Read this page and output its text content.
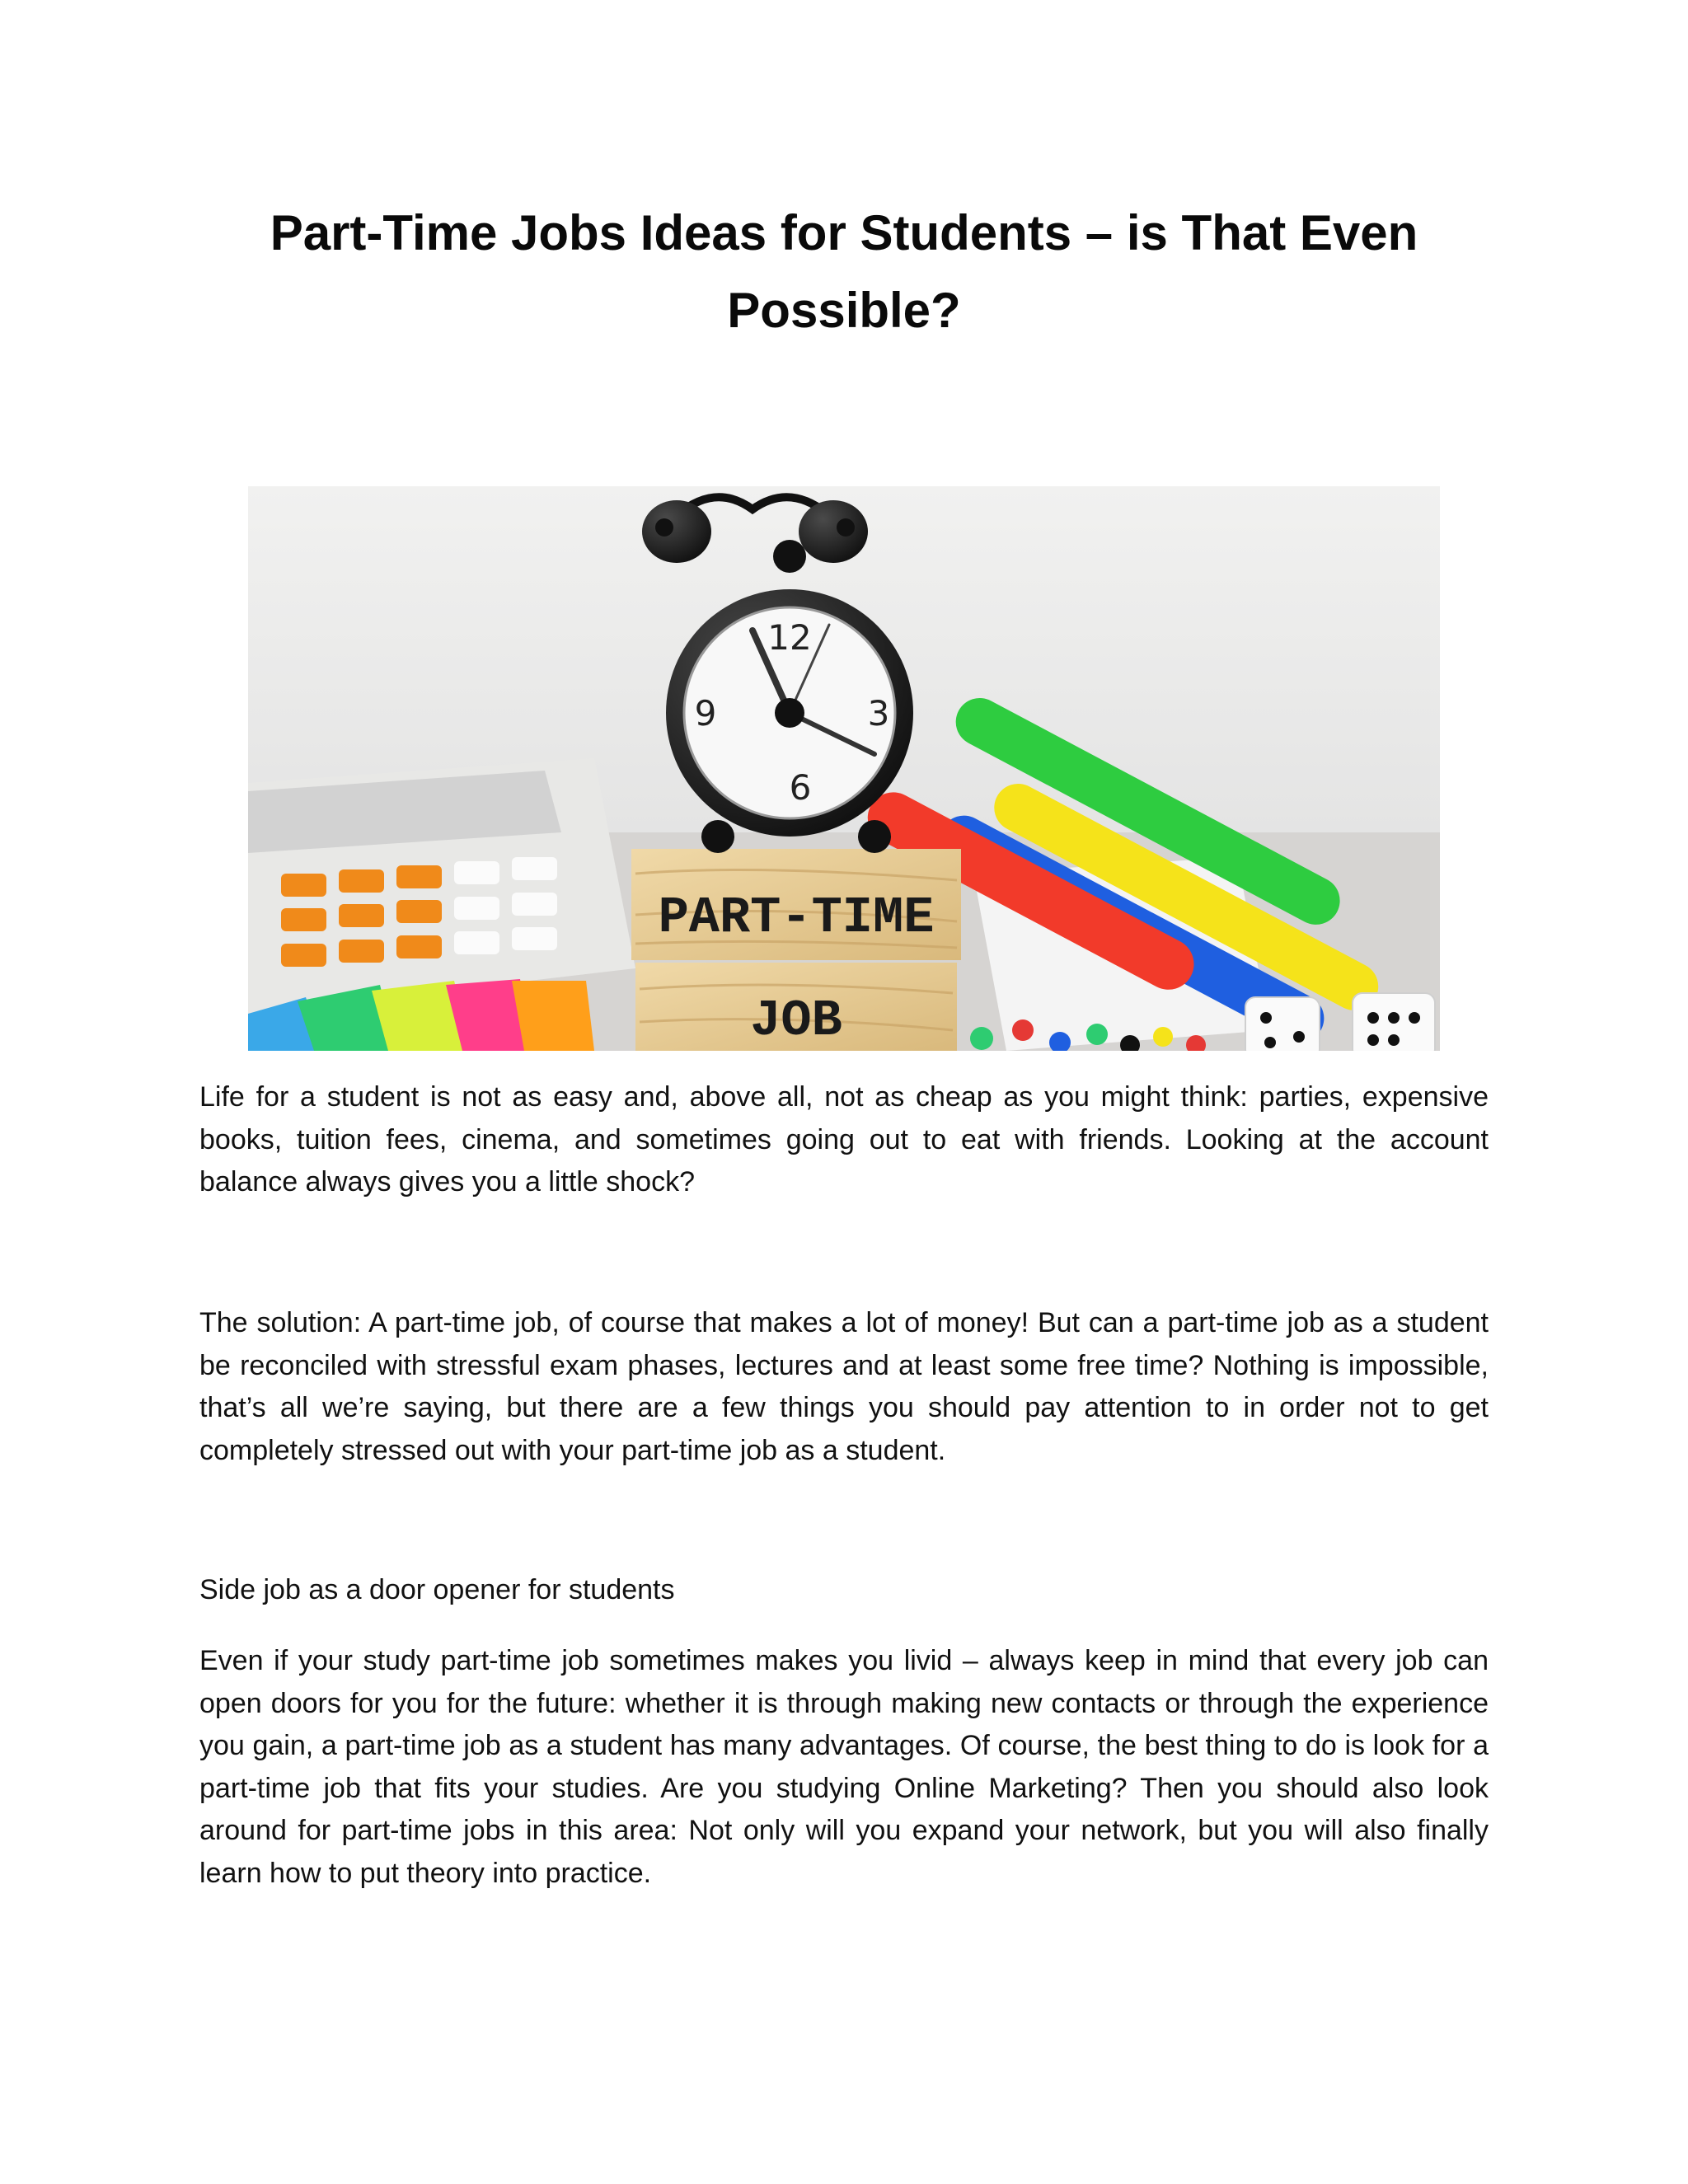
Part-Time Jobs Ideas for Students – is That Even Possible?
PART-TIME
JOB
12
3
6
9

Life for a student is not as easy and, above all, not as cheap as you might think: parties, expensive books, tuition fees, cinema, and sometimes going out to eat with friends. Looking at the account balance always gives you a little shock?

The solution: A part-time job, of course that makes a lot of money! But can a part-time job as a student be reconciled with stressful exam phases, lectures and at least some free time? Nothing is impossible, that’s all we’re saying, but there are a few things you should pay attention to in order not to get completely stressed out with your part-time job as a student.

Side job as a door opener for students

Even if your study part-time job sometimes makes you livid – always keep in mind that every job can open doors for you for the future: whether it is through making new contacts or through the experience you gain, a part-time job as a student has many advantages. Of course, the best thing to do is look for a part-time job that fits your studies. Are you studying Online Marketing? Then you should also look around for part-time jobs in this area: Not only will you expand your network, but you will also finally learn how to put theory into practice.
